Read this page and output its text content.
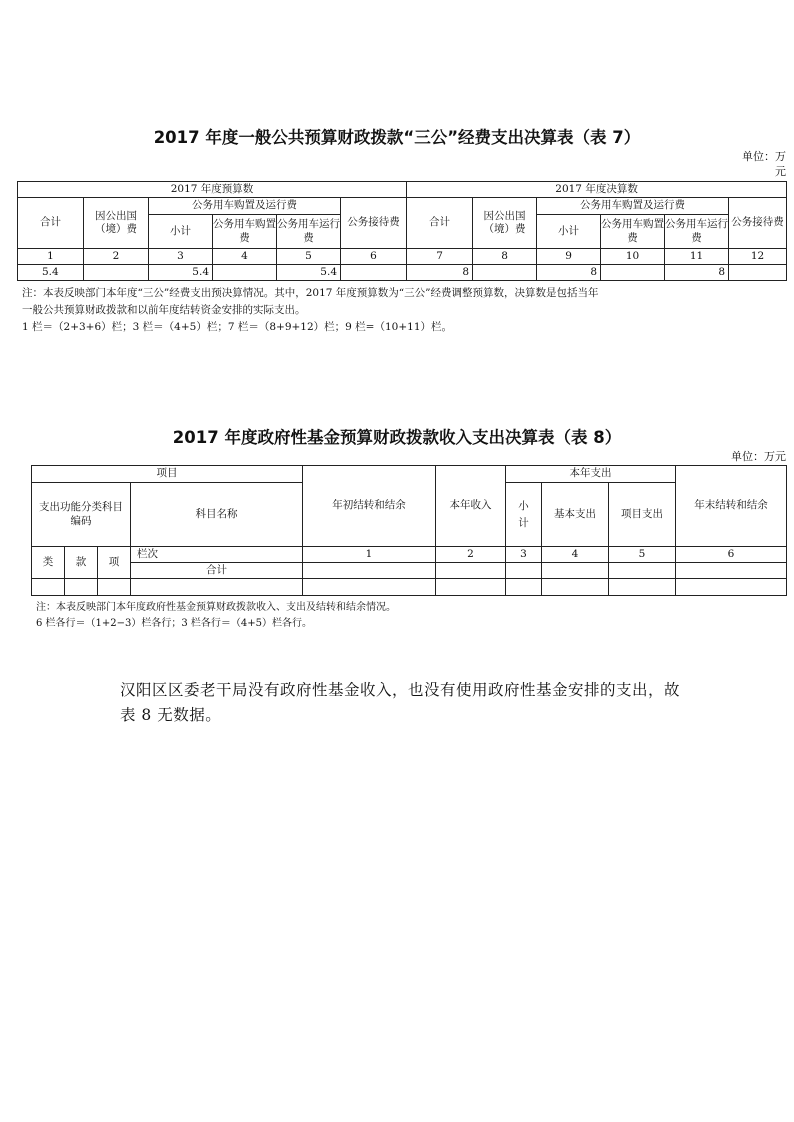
2017 年度一般公共预算财政拨款“三公”经费支出决算表（表 7）
单位：万元
2017 年度预算数						2017 年度决算数					
合计	因公出国（境）费	公务用车购置及运行费			公务接待费	合计	因公出国（境）费	公务用车购置及运行费			公务接待费
		小计	公务用车购置费	公务用车运行费				小计	公务用车购置费	公务用车运行费	
1	2	3	4	5	6	7	8	9	10	11	12
5.4		5.4		5.4		8		8		8	
注：本表反映部门本年度“三公”经费支出预决算情况。其中，2017 年度预算数为“三公”经费调整预算数，决算数是包括当年
一般公共预算财政拨款和以前年度结转资金安排的实际支出。
1 栏＝（2+3+6）栏；3 栏＝（4+5）栏；7 栏＝（8+9+12）栏；9 栏=（10+11）栏。
2017 年度政府性基金预算财政拨款收入支出决算表（表 8）
单位：万元
项目				年初结转和结余	本年收入	本年支出			年末结转和结余
支出功能分类科目编码			科目名称			小计	基本支出	项目支出	
类	款	项	栏次	1	2	3	4	5	6
			合计						

注：本表反映部门本年度政府性基金预算财政拨款收入、支出及结转和结余情况。
6 栏各行＝（1+2−3）栏各行；3 栏各行＝（4+5）栏各行。
汉阳区区委老干局没有政府性基金收入，也没有使用政府性基金安排的支出，故表 8 无数据。
